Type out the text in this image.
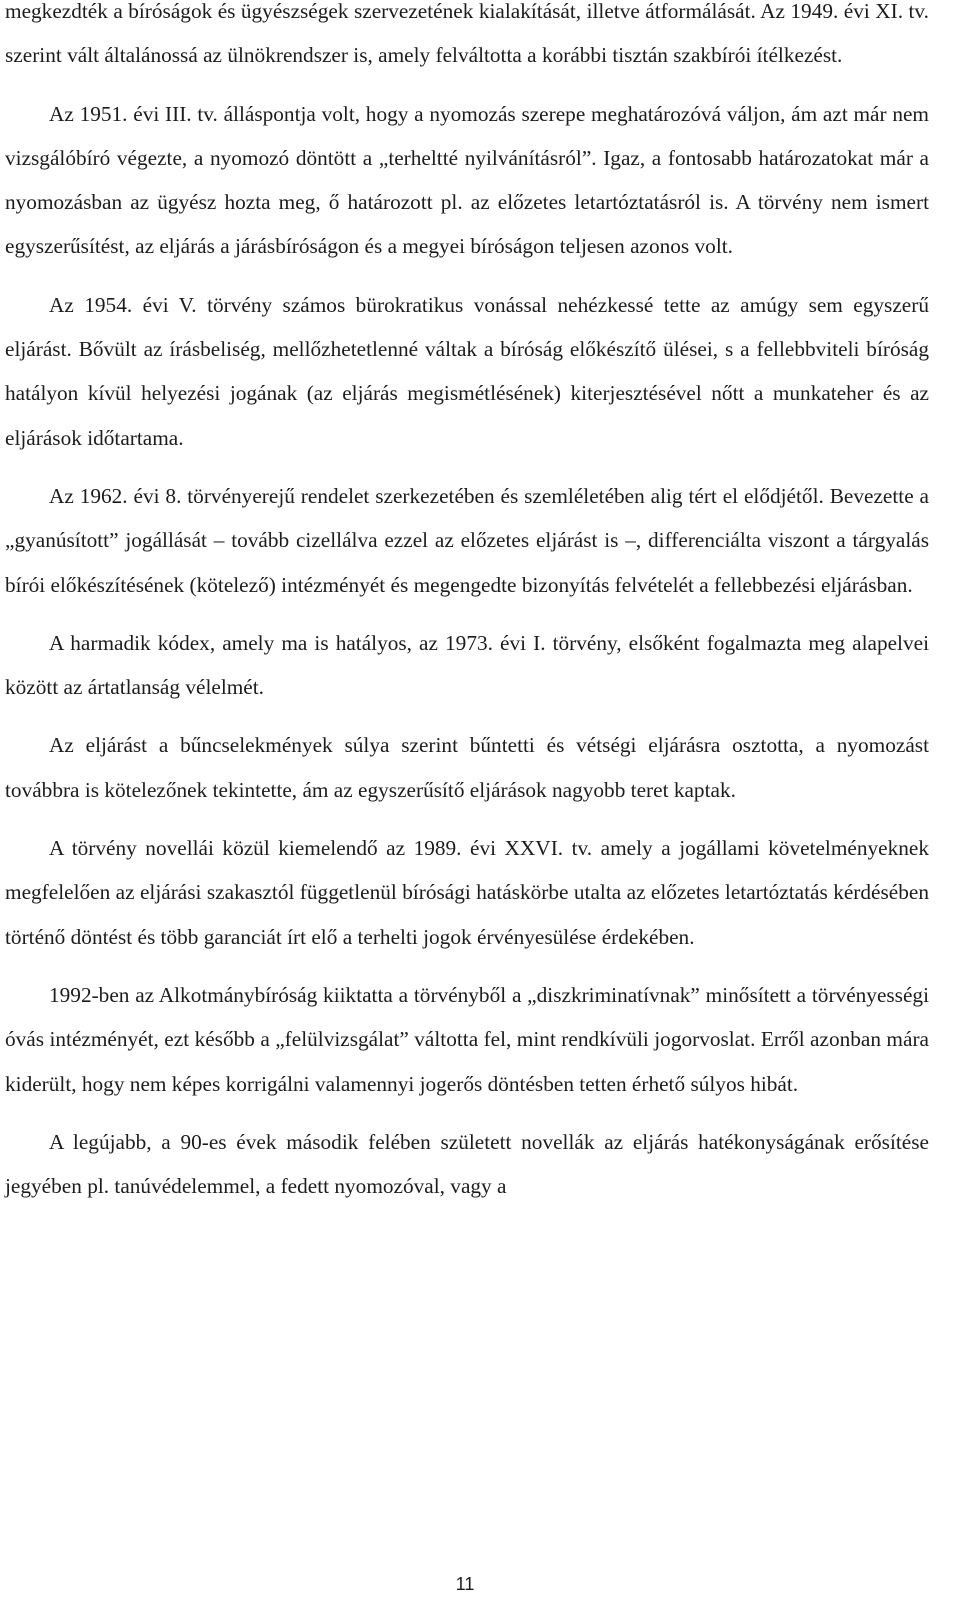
megkezdték a bíróságok és ügyészségek szervezetének kialakítását, illetve átformálását. Az 1949. évi XI. tv. szerint vált általánossá az ülnökrendszer is, amely felváltotta a korábbi tisztán szakbírói ítélkezést.

Az 1951. évi III. tv. álláspontja volt, hogy a nyomozás szerepe meghatározóvá váljon, ám azt már nem vizsgálóbíró végezte, a nyomozó döntött a „terheltté nyilvánításról”. Igaz, a fontosabb határozatokat már a nyomozásban az ügyész hozta meg, ő határozott pl. az előzetes letartóztatásról is. A törvény nem ismert egyszerűsítést, az eljárás a járásbíróságon és a megyei bíróságon teljesen azonos volt.

Az 1954. évi V. törvény számos bürokratikus vonással nehézkessé tette az amúgy sem egyszerű eljárást. Bővült az írásbeliség, mellőzhetetlenné váltak a bíróság előkészítő ülései, s a fellebbviteli bíróság hatályon kívül helyezési jogának (az eljárás megismétlésének) kiterjesztésével nőtt a munkateher és az eljárások időtartama.

Az 1962. évi 8. törvényerejű rendelet szerkezetében és szemléletében alig tért el elődjétől. Bevezette a „gyanúsított” jogállását – tovább cizellálva ezzel az előzetes eljárást is –, differenciálta viszont a tárgyalás bírói előkészítésének (kötelező) intézményét és megengedte bizonyítás felvételét a fellebbezési eljárásban.

A harmadik kódex, amely ma is hatályos, az 1973. évi I. törvény, elsőként fogalmazta meg alapelvei között az ártatlanság vélelmét.

Az eljárást a bűncselekmények súlya szerint bűntetti és vétségi eljárásra osztotta, a nyomozást továbbra is kötelezőnek tekintette, ám az egyszerűsítő eljárások nagyobb teret kaptak.

A törvény novellái közül kiemelendő az 1989. évi XXVI. tv. amely a jogállami követelményeknek megfelelően az eljárási szakasztól függetlenül bírósági hatáskörbe utalta az előzetes letartóztatás kérdésében történő döntést és több garanciát írt elő a terhelti jogok érvényesülése érdekében.

1992-ben az Alkotmánybíróság kiiktatta a törvényből a „diszkriminatívnak” minősített a törvényességi óvás intézményét, ezt később a „felülvizsgálat” váltotta fel, mint rendkívüli jogorvoslat. Erről azonban mára kiderült, hogy nem képes korrigálni valamennyi jogerős döntésben tetten érhető súlyos hibát.

A legújabb, a 90-es évek második felében született novellák az eljárás hatékonyságának erősítése jegyében pl. tanúvédelemmel, a fedett nyomozóval, vagy a

11
